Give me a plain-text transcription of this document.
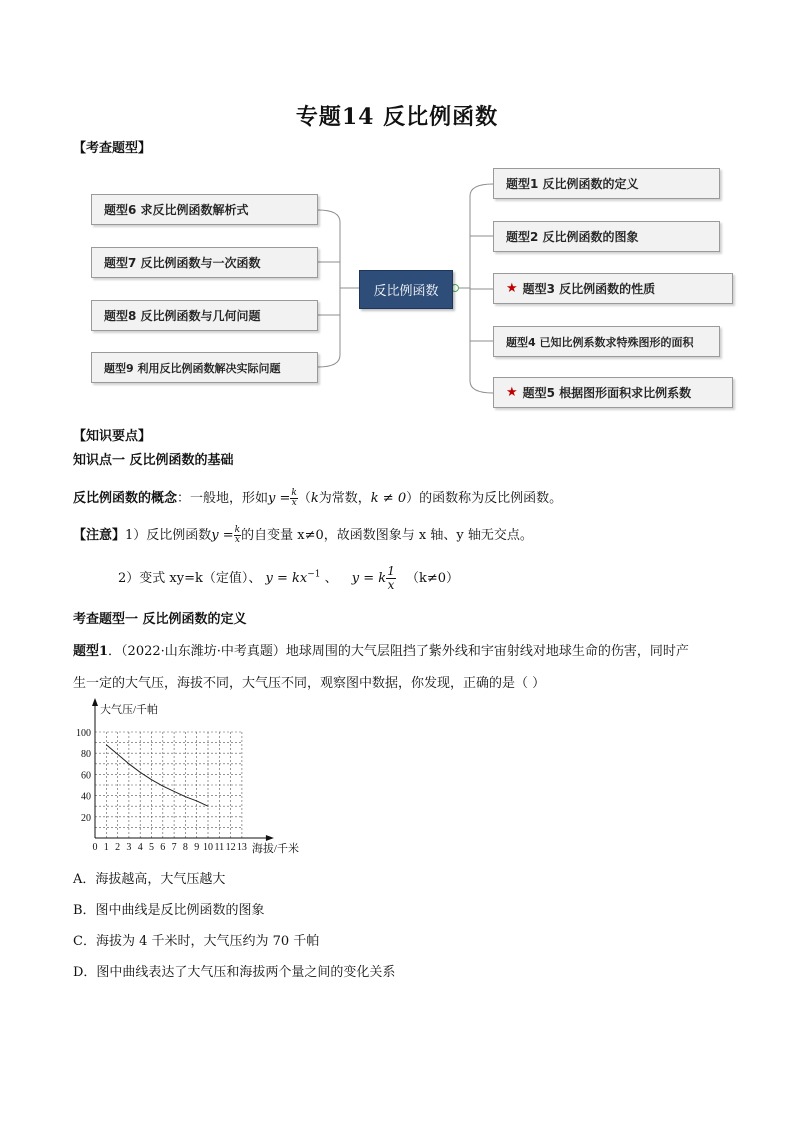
专题14 反比例函数
【考查题型】
反比例函数
题型6 求反比例函数解析式
题型7 反比例函数与一次函数
题型8 反比例函数与几何问题
题型9 利用反比例函数解决实际问题
题型1 反比例函数的定义
题型2 反比例函数的图象
★ 题型3 反比例函数的性质
题型4 已知比例系数求特殊图形的面积
★ 题型5 根据图形面积求比例系数
【知识要点】
知识点一 反比例函数的基础
反比例函数的概念：一般地，形如$y = \frac{k}{x} (k$为常数，k ≠ 0）的函数称为反比例函数。
【注意】1）反比例函数$y = \frac{k}{x}$ 的自变量 x≠0，故函数图象与 x 轴、y 轴无交点。
2）变式 xy=k（定值）、 $y = kx^{-1}$ 、 y = k $\frac{1}{x} (k\ne 0)$
考查题型一 反比例函数的定义
题型1．（2022·山东潍坊·中考真题）地球周围的大气层阻挡了紫外线和宇宙射线对地球生命的伤害，同时产
生一定的大气压，海拔不同，大气压不同，观察图中数据，你发现，正确的是（ ）
0 1 2 3 4 5 6 7 8 9 10 11 12 13
20
40
60
80
100
大气压/千帕
海拔/千米
A．海拔越高，大气压越大
B．图中曲线是反比例函数的图象
C．海拔为 4 千米时，大气压约为 70 千帕
D．图中曲线表达了大气压和海拔两个量之间的变化关系
